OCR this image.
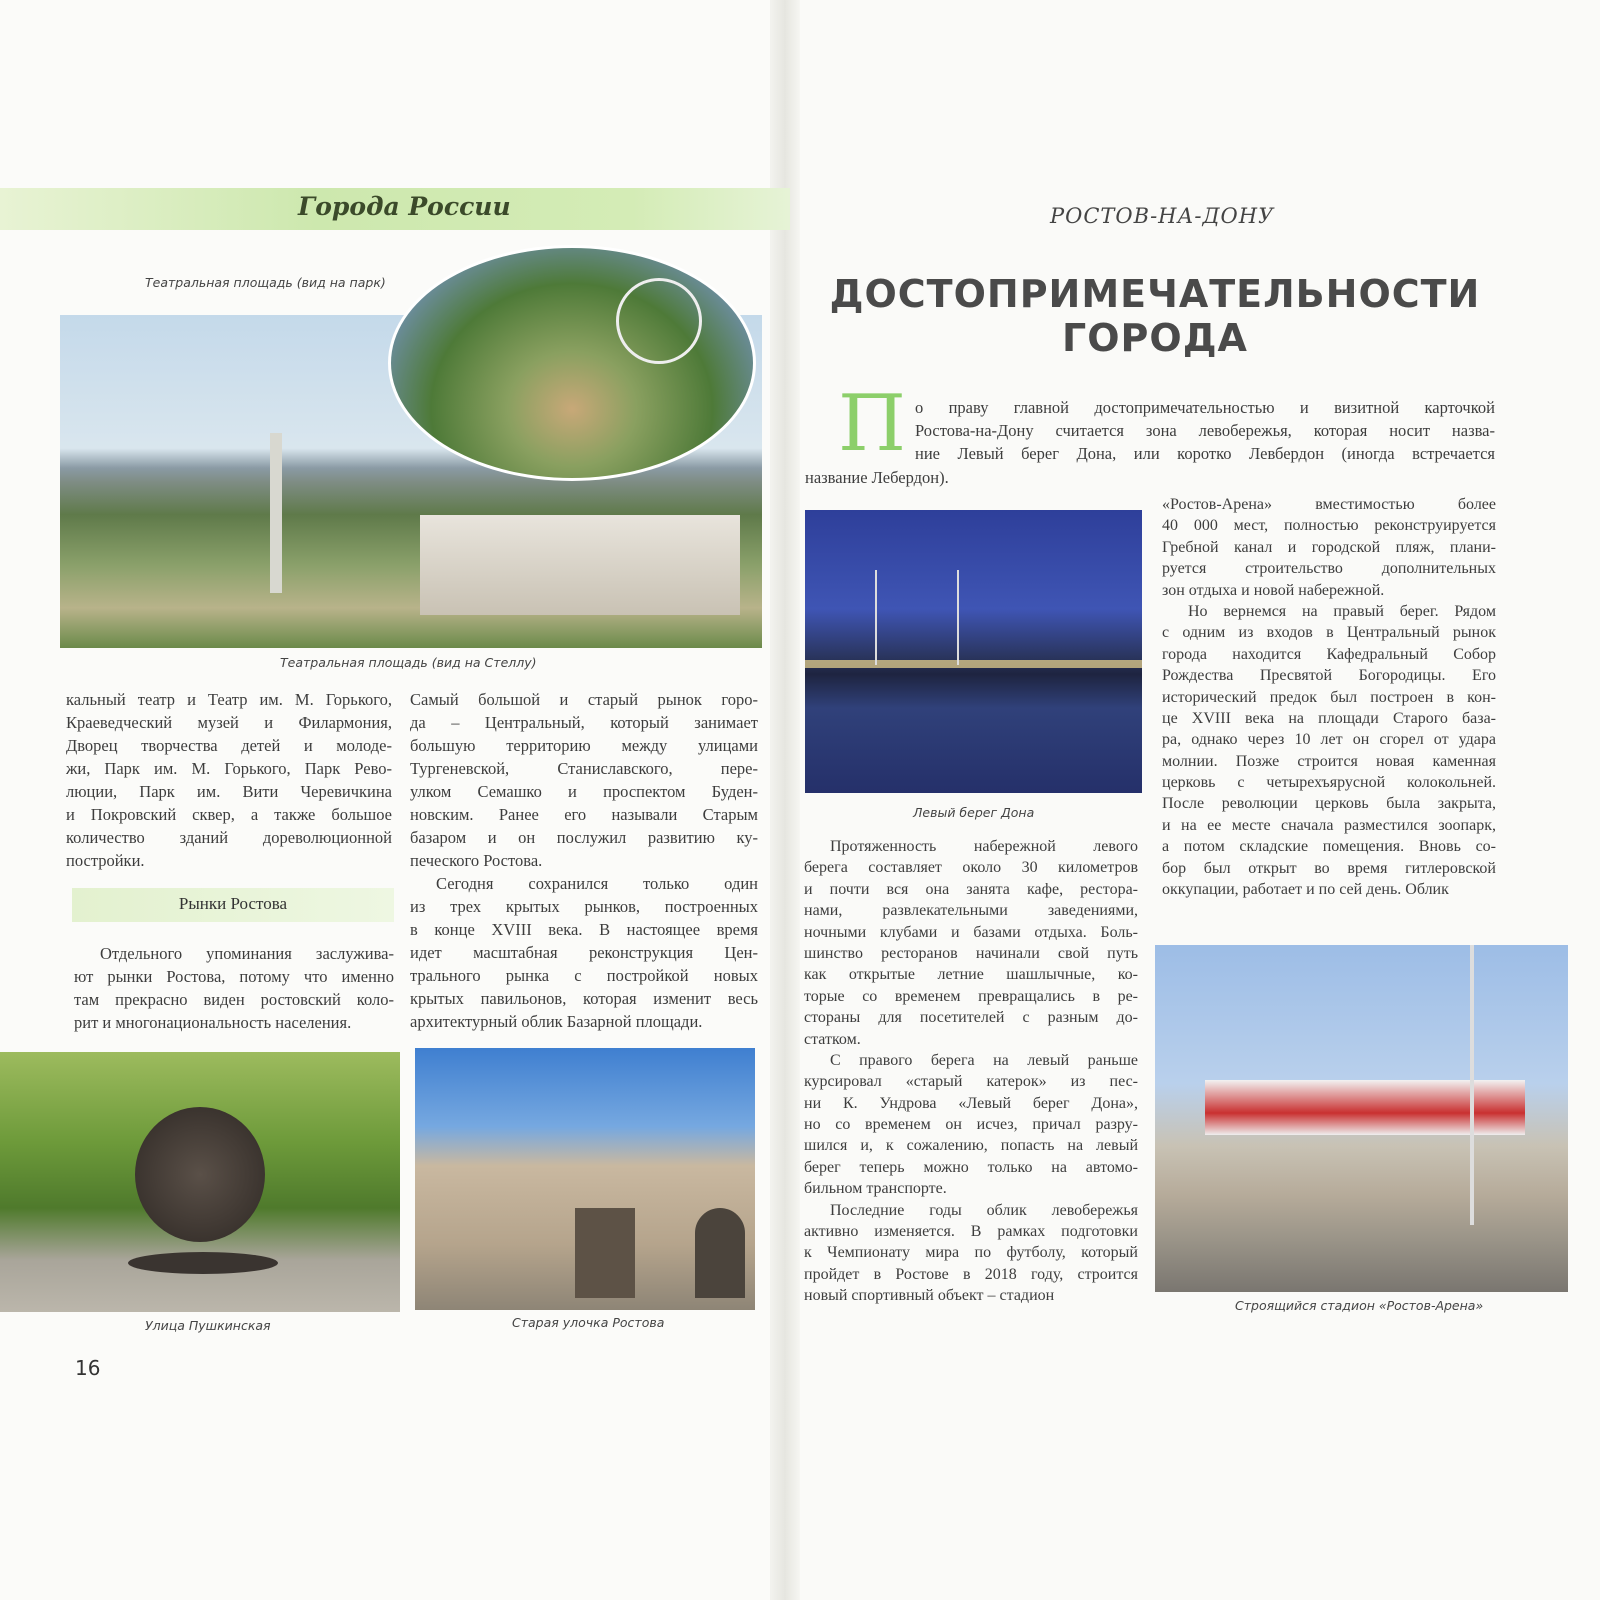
Города России
Театральная площадь (вид на парк)
Театральная площадь (вид на Стеллу)
кальный театр и Театр им. М. Горького,
Краеведческий музей и Филармония,
Дворец творчества детей и молоде-
жи, Парк им. М. Горького, Парк Рево-
люции, Парк им. Вити Черевичкина
и Покровский сквер, а также большое
количество зданий дореволюционной
постройки.
Рынки Ростова
Отдельного упоминания заслужива-
ют рынки Ростова, потому что именно
там прекрасно виден ростовский коло-
рит и многонациональность населения.
Самый большой и старый рынок горо-
да – Центральный, который занимает
большую территорию между улицами
Тургеневской, Станиславского, пере-
улком Семашко и проспектом Буден-
новским. Ранее его называли Старым
базаром и он послужил развитию ку-
печеского Ростова.
Сегодня сохранился только один
из трех крытых рынков, построенных
в конце XVIII века. В настоящее время
идет масштабная реконструкция Цен-
трального рынка с постройкой новых
крытых павильонов, которая изменит весь
архитектурный облик Базарной площади.
Улица Пушкинская	Старая улочка Ростова
16
РОСТОВ-НА-ДОНУ
ДОСТОПРИМЕЧАТЕЛЬНОСТИ
ГОРОДА
П о праву главной достопримечательностью и визитной карточкой
Ростова-на-Дону считается зона левобережья, которая носит назва-
ние Левый берег Дона, или коротко Левбердон (иногда встречается
название Лебердон).
Левый берег Дона
Протяженность набережной левого
берега составляет около 30 километров
и почти вся она занята кафе, рестора-
нами, развлекательными заведениями,
ночными клубами и базами отдыха. Боль-
шинство ресторанов начинали свой путь
как открытые летние шашлычные, ко-
торые со временем превращались в ре-
стораны для посетителей с разным до-
статком.
С правого берега на левый раньше
курсировал «старый катерок» из пес-
ни К. Ундрова «Левый берег Дона»,
но со временем он исчез, причал разру-
шился и, к сожалению, попасть на левый
берег теперь можно только на автомо-
бильном транспорте.
Последние годы облик левобережья
активно изменяется. В рамках подготовки
к Чемпионату мира по футболу, который
пройдет в Ростове в 2018 году, строится
новый спортивный объект – стадион
«Ростов-Арена» вместимостью более
40 000 мест, полностью реконструируется
Гребной канал и городской пляж, плани-
руется строительство дополнительных
зон отдыха и новой набережной.
Но вернемся на правый берег. Рядом
с одним из входов в Центральный рынок
города находится Кафедральный Собор
Рождества Пресвятой Богородицы. Его
исторический предок был построен в кон-
це XVIII века на площади Старого база-
ра, однако через 10 лет он сгорел от удара
молнии. Позже строится новая каменная
церковь с четырехъярусной колокольней.
После революции церковь была закрыта,
и на ее месте сначала разместился зоопарк,
а потом складские помещения. Вновь со-
бор был открыт во время гитлеровской
оккупации, работает и по сей день. Облик
Строящийся стадион «Ростов-Арена»
